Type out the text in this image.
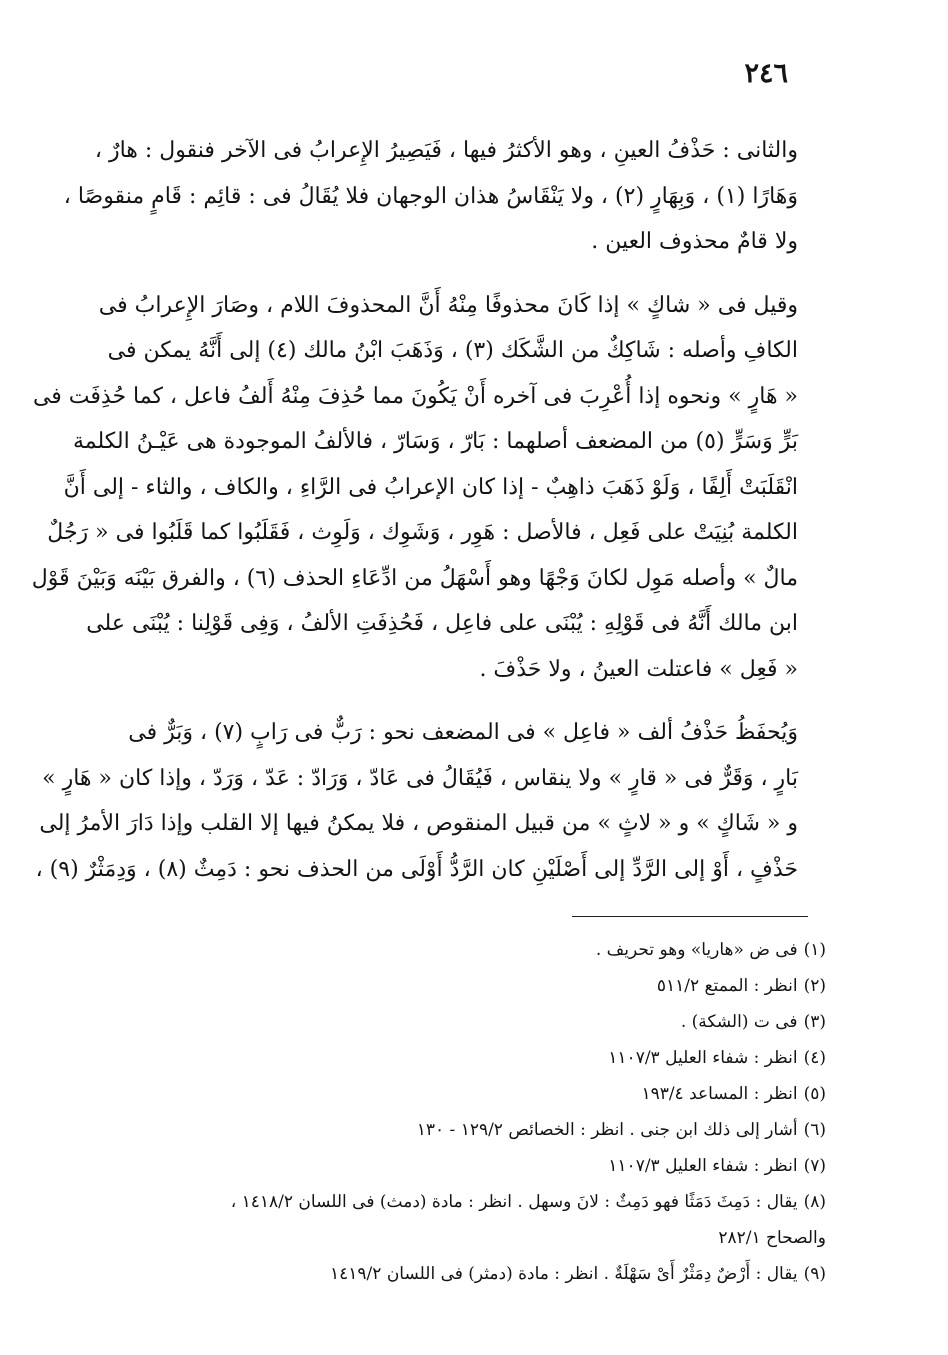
٢٤٦

والثانى : حَذْفُ العينِ ، وهو الأكثرُ فيها ، فَيَصِيرُ الإِعرابُ فى الآخر فنقول : هارٌ ،
وَهَارًا (١) ، وَبِهَارٍ (٢) ، ولا يَنْقَاسُ هذان الوجهان فلا يُقَالُ فى : قائِم : قَامٍ منقوصًا ،
ولا قامٌ محذوف العين .

وقيل فى « شاكٍ » إذا كَانَ محذوفًا مِنْهُ أَنَّ المحذوفَ اللام ، وصَارَ الإِعرابُ فى
الكافِ وأصله : شَاكِكٌ من الشَّكَك (٣) ، وَذَهَبَ ابْنُ مالك (٤) إلى أَنَّهُ يمكن فى
« هَارٍ » ونحوه إذا أُعْرِبَ فى آخره أَنْ يَكُونَ مما حُذِفَ مِنْهُ أَلفُ فاعل ، كما حُذِفَت فى
بَرٍّ وَسَرٍّ (٥) من المضعف أصلهما : بَارّ ، وَسَارّ ، فالألفُ الموجودة هى عَيْـنُ الكلمة
انْقَلَبَتْ أَلِفًا ، وَلَوْ ذَهَبَ ذاهِبٌ - إذا كان الإعرابُ فى الرَّاءِ ، والكاف ، والثاء - إلى أَنَّ
الكلمة بُنِيَتْ على فَعِل ، فالأصل : هَوِر ، وَشَوِك ، وَلَوِث ، فَقَلَبُوا كما قَلَبُوا فى « رَجُلٌ
مالٌ » وأصله مَوِل لكانَ وَجْهًا وهو أَسْهَلُ من ادِّعَاءِ الحذف (٦) ، والفرق بَيْنَه وَبَيْنَ قَوْل
ابن مالك أَنَّهُ فى قَوْلِهِ : يُبْنَى على فاعِل ، فَحُذِفَتِ الألفُ ، وَفِى قَوْلِنا : يُبْنَى على
« فَعِل » فاعتلت العينُ ، ولا حَذْفَ .

وَيُحفَظُ حَذْفُ ألف « فاعِل » فى المضعف نحو : رَبٌّ فى رَابٍ (٧) ، وَبَرٌّ فى
بَارٍ ، وَقَرٌّ فى « قارٍ » ولا ينقاس ، فَيُقَالُ فى عَادّ ، وَرَادّ : عَدّ ، وَرَدّ ، وإذا كان « هَارٍ »
و « شَاكٍ » و « لاثٍ » من قبيل المنقوص ، فلا يمكنُ فيها إلا القلب وإذا دَارَ الأمرُ إلى
حَذْفٍ ، أَوْ إلى الرَّدِّ إلى أَصْلَيْنِ كان الرَّدُّ أَوْلَى من الحذف نحو : دَمِثٌ (٨) ، وَدِمَثْرٌ (٩) ،

(١)فى ض «هاريا» وهو تحريف .

(٢)انظر : الممتع ٥١١/٢

(٣)فى ت (الشكة) .

(٤)انظر : شفاء العليل ١١٠٧/٣

(٥)انظر : المساعد ١٩٣/٤

(٦)أشار إلى ذلك ابن جنى . انظر : الخصائص ١٢٩/٢ - ١٣٠

(٧)انظر : شفاء العليل ١١٠٧/٣

(٨)يقال : دَمِثَ دَمَثًا فهو دَمِثٌ : لانَ وسهل . انظر : مادة (دمث) فى اللسان ١٤١٨/٢ ،

والصحاح ٢٨٢/١

(٩)يقال : أَرْضٌ دِمَثْرٌ أَىْ سَهْلَةٌ . انظر : مادة (دمثر) فى اللسان ١٤١٩/٢
